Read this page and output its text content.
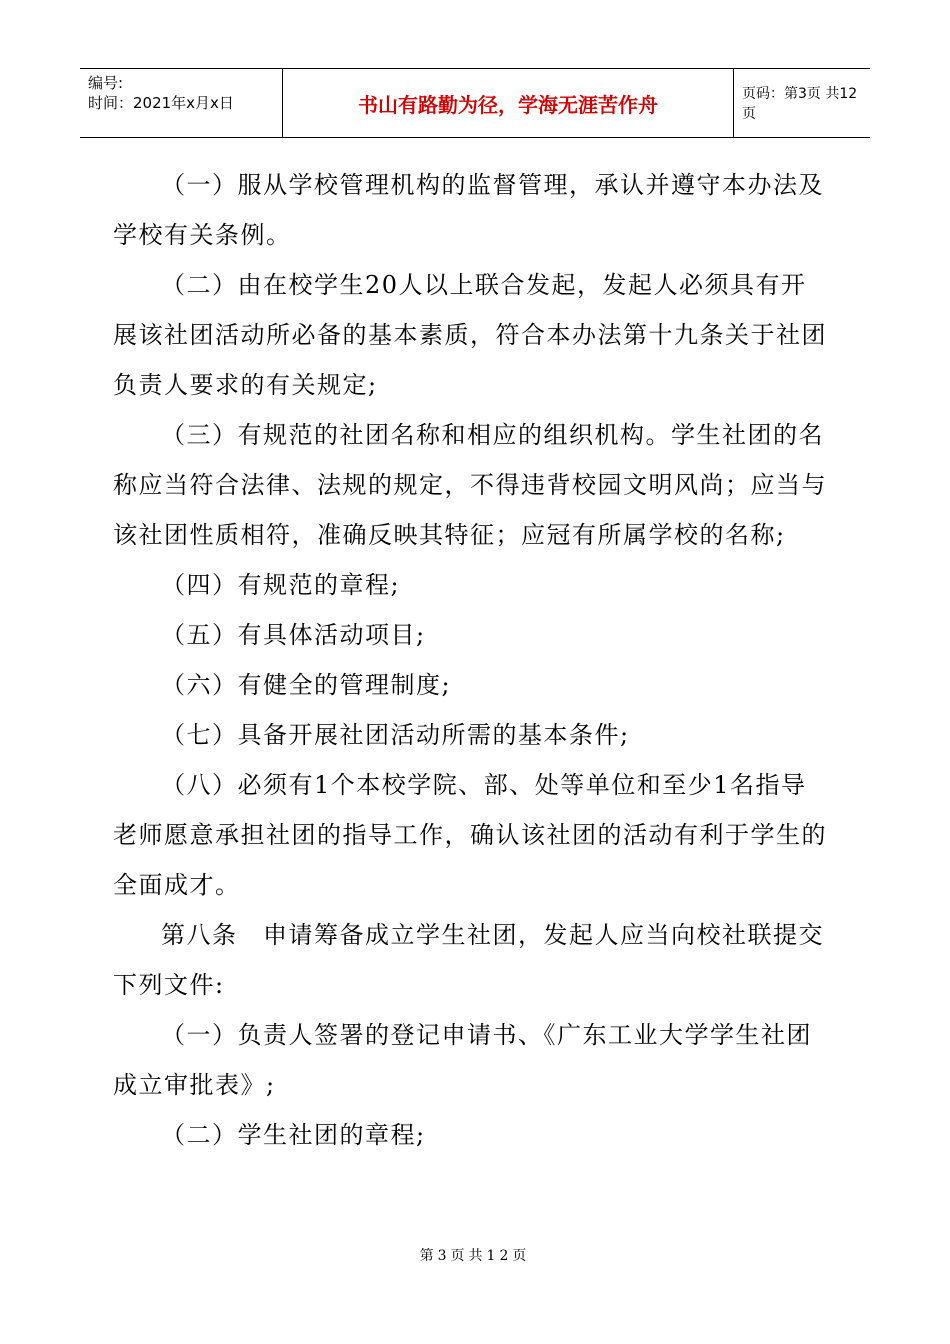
编号:
时间：2021年x月x日	书山有路勤为径，学海无涯苦作舟	页码：第3页 共12页

（一）服从学校管理机构的监督管理，承认并遵守本办法及学校有关条例。

（二）由在校学生20人以上联合发起，发起人必须具有开展该社团活动所必备的基本素质，符合本办法第十九条关于社团负责人要求的有关规定;

（三）有规范的社团名称和相应的组织机构。学生社团的名称应当符合法律、法规的规定，不得违背校园文明风尚；应当与该社团性质相符，准确反映其特征；应冠有所属学校的名称;

（四）有规范的章程;

（五）有具体活动项目;

（六）有健全的管理制度;

（七）具备开展社团活动所需的基本条件;

（八）必须有1个本校学院、部、处等单位和至少1名指导老师愿意承担社团的指导工作，确认该社团的活动有利于学生的全面成才。

第八条　申请筹备成立学生社团，发起人应当向校社联提交下列文件:

（一）负责人签署的登记申请书、《广东工业大学学生社团成立审批表》;

（二）学生社团的章程;

第3页共12页
